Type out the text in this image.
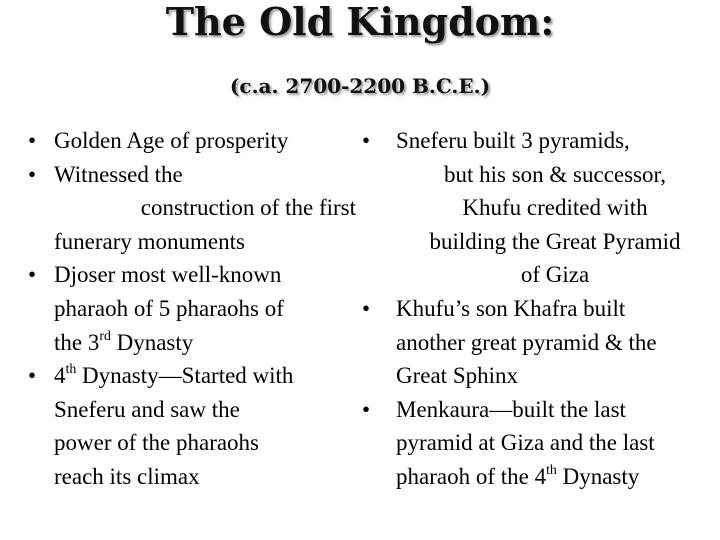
The Old Kingdom:
(c.a. 2700-2200 B.C.E.)
• Golden Age of prosperity
• Witnessed the
construction of the first
funerary monuments
• Djoser most well-known
pharaoh of 5 pharaohs of
the 3rd Dynasty
• 4th Dynasty—Started with
Sneferu and saw the
power of the pharaohs
reach its climax
• Sneferu built 3 pyramids,
but his son & successor,
Khufu credited with
building the Great Pyramid
of Giza
• Khufu’s son Khafra built
another great pyramid & the
Great Sphinx
• Menkaura—built the last
pyramid at Giza and the last
pharaoh of the 4th Dynasty
